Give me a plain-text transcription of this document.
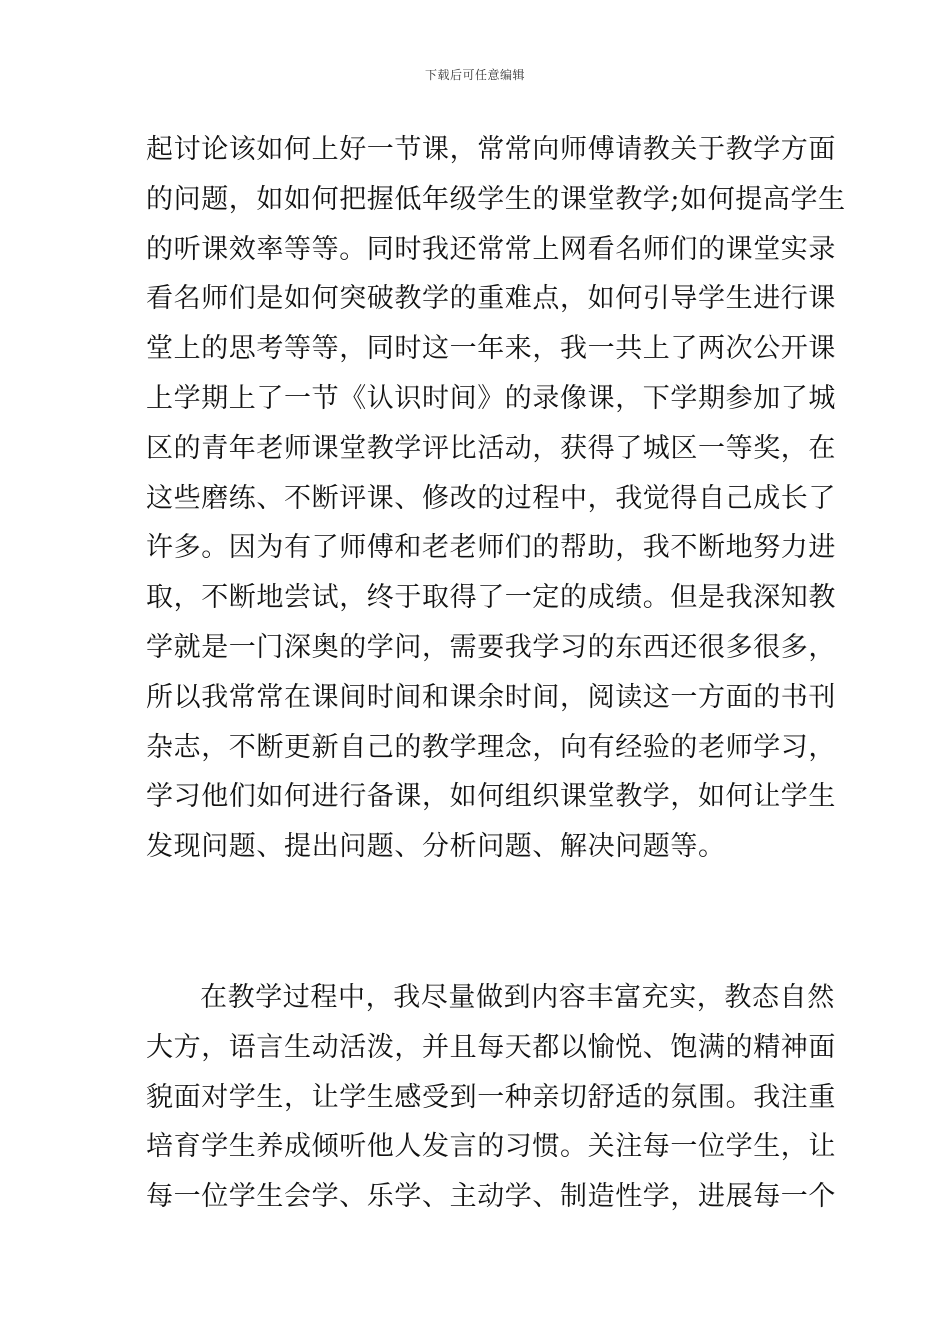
下载后可任意编辑
起讨论该如何上好一节课，常常向师傅请教关于教学方面
的问题，如如何把握低年级学生的课堂教学;如何提高学生
的听课效率等等。同时我还常常上网看名师们的课堂实录
看名师们是如何突破教学的重难点，如何引导学生进行课
堂上的思考等等，同时这一年来，我一共上了两次公开课
上学期上了一节《认识时间》的录像课，下学期参加了城
区的青年老师课堂教学评比活动，获得了城区一等奖，在
这些磨练、不断评课、修改的过程中，我觉得自己成长了
许多。因为有了师傅和老老师们的帮助，我不断地努力进
取，不断地尝试，终于取得了一定的成绩。但是我深知教
学就是一门深奥的学问，需要我学习的东西还很多很多，
所以我常常在课间时间和课余时间，阅读这一方面的书刊
杂志，不断更新自己的教学理念，向有经验的老师学习，
学习他们如何进行备课，如何组织课堂教学，如何让学生
发现问题、提出问题、分析问题、解决问题等。
在教学过程中，我尽量做到内容丰富充实，教态自然
大方，语言生动活泼，并且每天都以愉悦、饱满的精神面
貌面对学生，让学生感受到一种亲切舒适的氛围。我注重
培育学生养成倾听他人发言的习惯。关注每一位学生，让
每一位学生会学、乐学、主动学、制造性学，进展每一个
